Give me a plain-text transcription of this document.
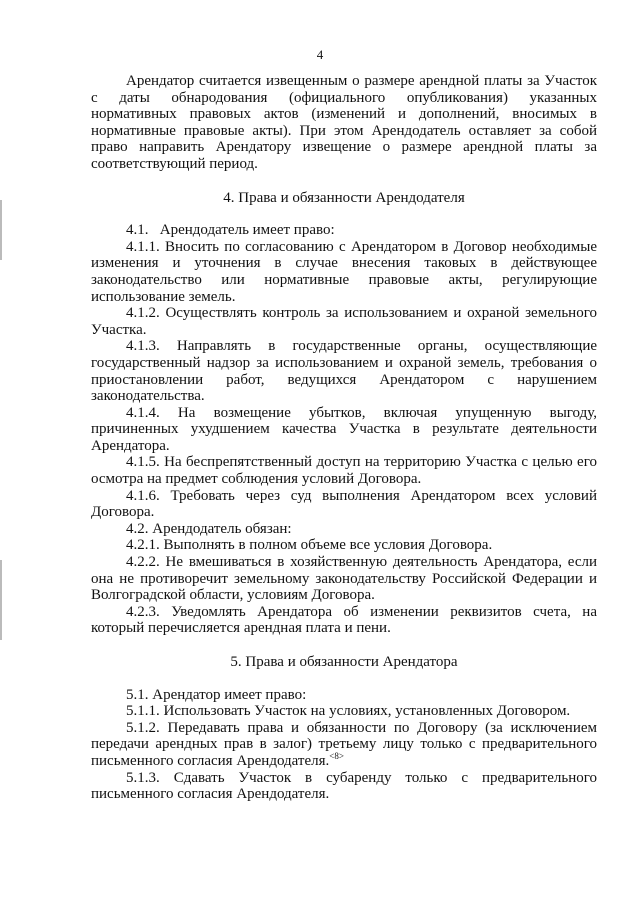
4

Арендатор считается извещенным о размере арендной платы за Участок с даты обнародования (официального опубликования) указанных нормативных правовых актов (изменений и дополнений, вносимых в нормативные правовые акты). При этом Арендодатель оставляет за собой право направить Арендатору извещение о размере арендной платы за соответствующий период.

4. Права и обязанности Арендодателя

4.1.   Арендодатель имеет право:

4.1.1. Вносить по согласованию с Арендатором в Договор необходимые изменения и уточнения в случае внесения таковых в действующее законодательство или нормативные правовые акты, регулирующие использование земель.

4.1.2. Осуществлять контроль за использованием и охраной земельного Участка.

4.1.3. Направлять в государственные органы, осуществляющие государственный надзор за использованием и охраной земель, требования о приостановлении работ, ведущихся Арендатором с нарушением законодательства.

4.1.4. На возмещение убытков, включая упущенную выгоду, причиненных ухудшением качества Участка в результате деятельности Арендатора.

4.1.5. На беспрепятственный доступ на территорию Участка с целью его осмотра на предмет соблюдения условий Договора.

4.1.6. Требовать через суд выполнения Арендатором всех условий Договора.

4.2. Арендодатель обязан:

4.2.1. Выполнять в полном объеме все условия Договора.

4.2.2. Не вмешиваться в хозяйственную деятельность Арендатора, если она не противоречит земельному законодательству Российской Федерации и Волгоградской области, условиям Договора.

4.2.3. Уведомлять Арендатора об изменении реквизитов счета, на который перечисляется арендная плата и пени.

5. Права и обязанности Арендатора

5.1. Арендатор имеет право:

5.1.1. Использовать Участок на условиях, установленных Договором.

5.1.2. Передавать права и обязанности по Договору (за исключением передачи арендных прав в залог) третьему лицу только с предварительного письменного согласия Арендодателя.$^{<8>}$

5.1.3. Сдавать Участок в субаренду только с предварительного письменного согласия Арендодателя.
